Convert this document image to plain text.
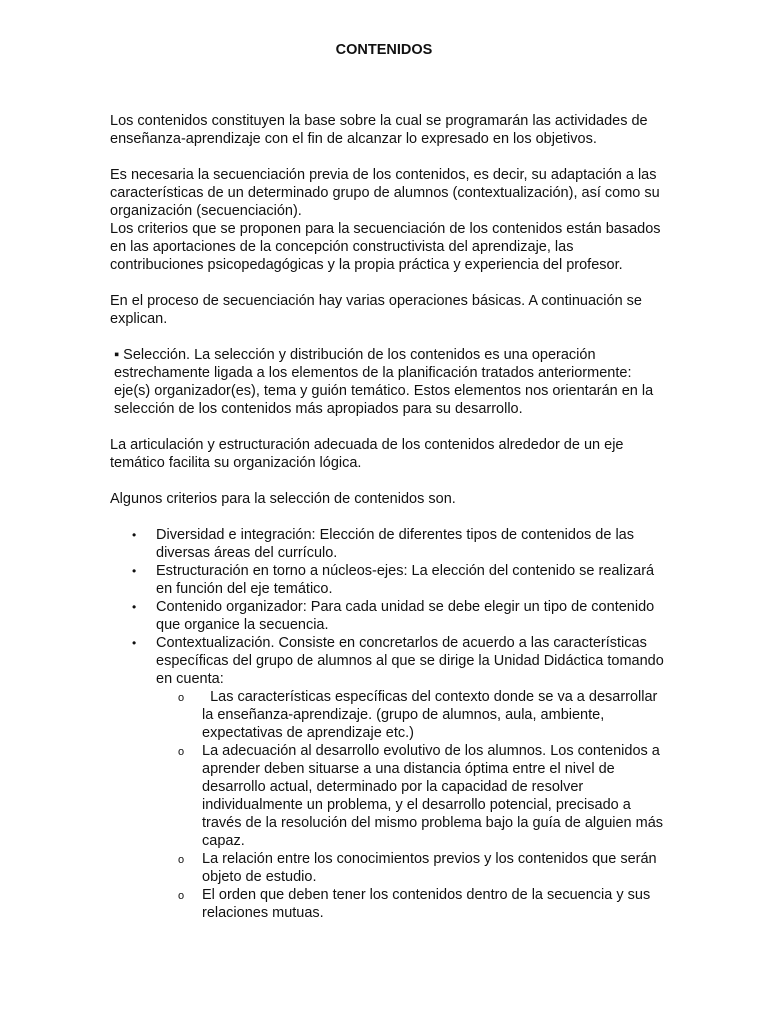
CONTENIDOS

Los contenidos constituyen la base sobre la cual se programarán las actividades de enseñanza-aprendizaje con el fin de alcanzar lo expresado en los objetivos.

Es necesaria la secuenciación previa de los contenidos, es decir, su adaptación a las características de un determinado grupo de alumnos (contextualización), así como su organización (secuenciación).

Los criterios que se proponen para la secuenciación de los contenidos están basados en las aportaciones de la concepción constructivista del aprendizaje, las contribuciones psicopedagógicas y la propia práctica y experiencia del profesor.

En el proceso de secuenciación hay varias operaciones básicas. A continuación se explican.

▪ Selección. La selección y distribución de los contenidos es una operación estrechamente ligada a los elementos de la planificación tratados anteriormente: eje(s) organizador(es), tema y guión temático. Estos elementos nos orientarán en la selección de los contenidos más apropiados para su desarrollo.

La articulación y estructuración adecuada de los contenidos alrededor de un eje temático facilita su organización lógica.

Algunos criterios para la selección de contenidos son.

• Diversidad e integración: Elección de diferentes tipos de contenidos de las diversas áreas del currículo.
• Estructuración en torno a núcleos-ejes: La elección del contenido se realizará en función del eje temático.
• Contenido organizador: Para cada unidad se debe elegir un tipo de contenido que organice la secuencia.
• Contextualización. Consiste en concretarlos de acuerdo a las características específicas del grupo de alumnos al que se dirige la Unidad Didáctica tomando en cuenta:
o Las características específicas del contexto donde se va a desarrollar la enseñanza-aprendizaje. (grupo de alumnos, aula, ambiente, expectativas de aprendizaje etc.)
o La adecuación al desarrollo evolutivo de los alumnos. Los contenidos a aprender deben situarse a una distancia óptima entre el nivel de desarrollo actual, determinado por la capacidad de resolver individualmente un problema, y el desarrollo potencial, precisado a través de la resolución del mismo problema bajo la guía de alguien más capaz.
o La relación entre los conocimientos previos y los contenidos que serán objeto de estudio.
o El orden que deben tener los contenidos dentro de la secuencia y sus relaciones mutuas.
